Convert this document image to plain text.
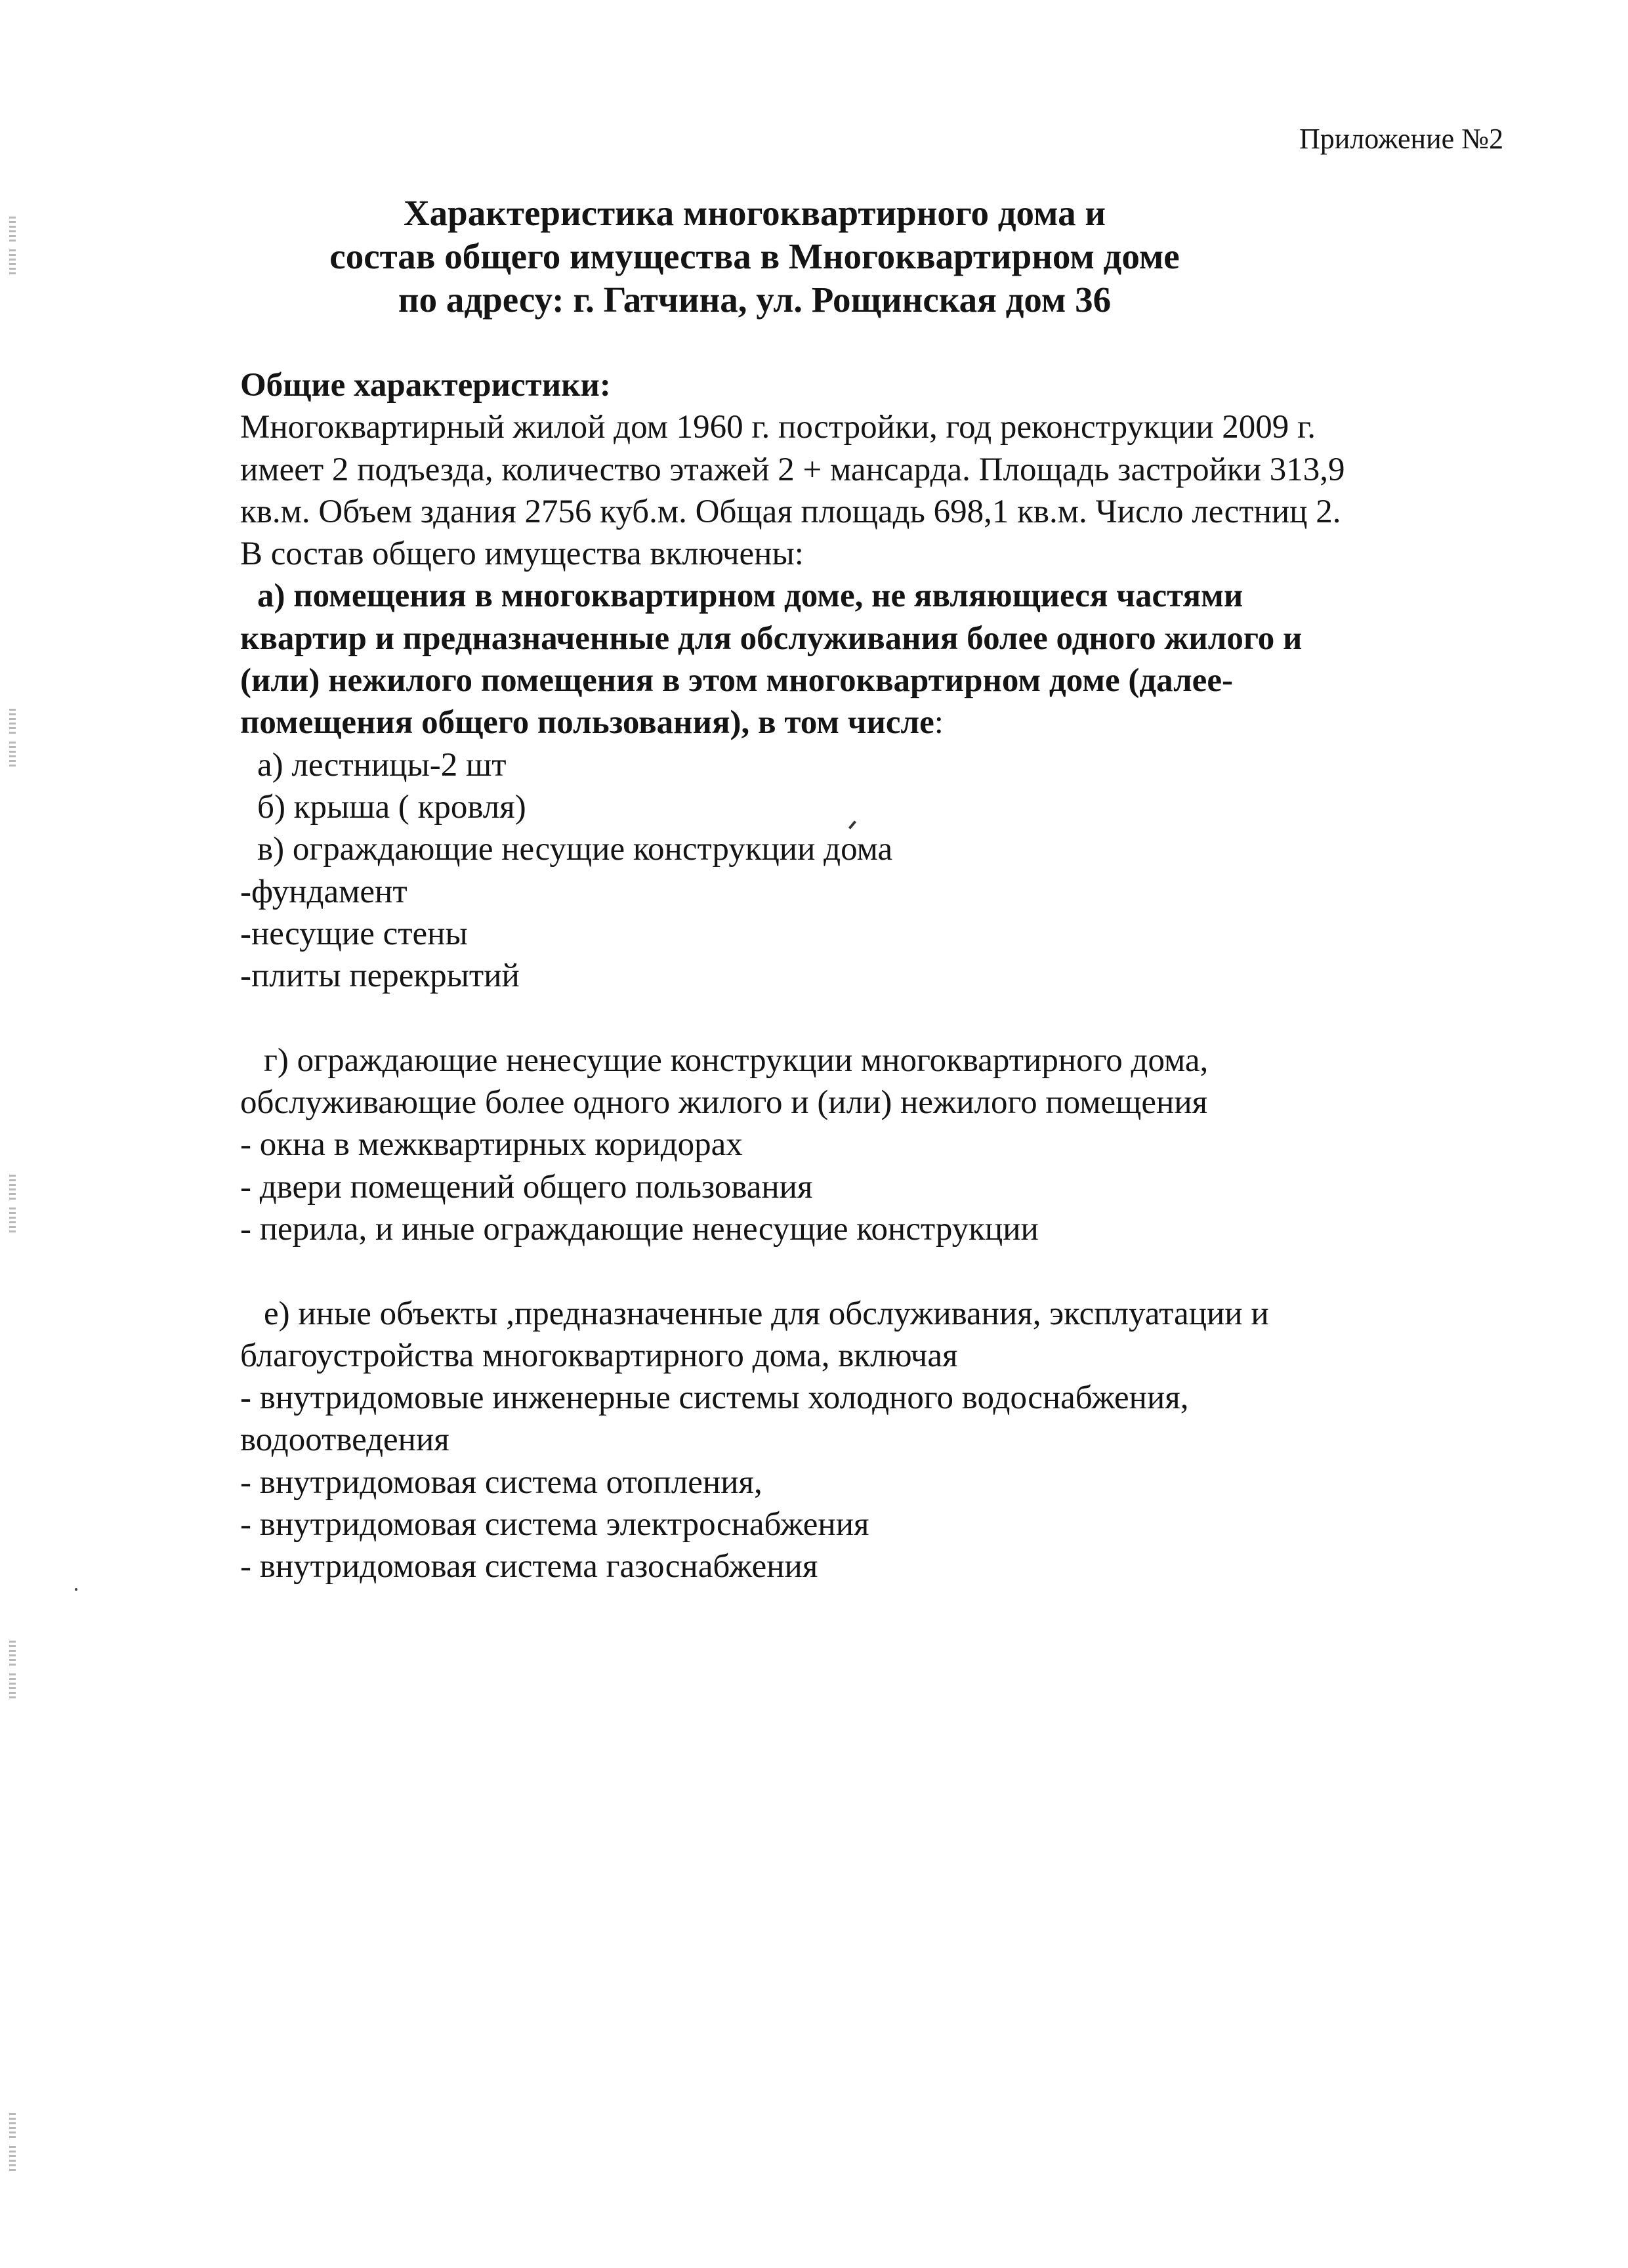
Приложение №2
Характеристика многоквартирного дома и
состав общего имущества в Многоквартирном доме
по адресу: г. Гатчина, ул. Рощинская дом 36
Общие характеристики:
Многоквартирный жилой дом 1960 г. постройки, год реконструкции 2009 г.
имеет 2 подъезда, количество этажей 2 + мансарда. Площадь застройки 313,9
кв.м. Объем здания 2756 куб.м. Общая площадь 698,1 кв.м. Число лестниц 2.
В состав общего имущества включены:
а) помещения в многоквартирном доме, не являющиеся частями
квартир и предназначенные для обслуживания более одного жилого и
(или) нежилого помещения в этом многоквартирном доме (далее-
помещения общего пользования), в том числе:
а) лестницы-2 шт
б) крыша ( кровля)
в) ограждающие несущие конструкции дома
-фундамент
-несущие стены
-плиты перекрытий
г) ограждающие ненесущие конструкции многоквартирного дома,
обслуживающие более одного жилого и (или) нежилого помещения
- окна в межквартирных коридорах
- двери помещений общего пользования
- перила, и иные ограждающие ненесущие конструкции
е) иные объекты ,предназначенные для обслуживания, эксплуатации и
благоустройства многоквартирного дома, включая
- внутридомовые инженерные системы холодного водоснабжения,
водоотведения
- внутридомовая система отопления,
- внутридомовая система электроснабжения
- внутридомовая система газоснабжения
